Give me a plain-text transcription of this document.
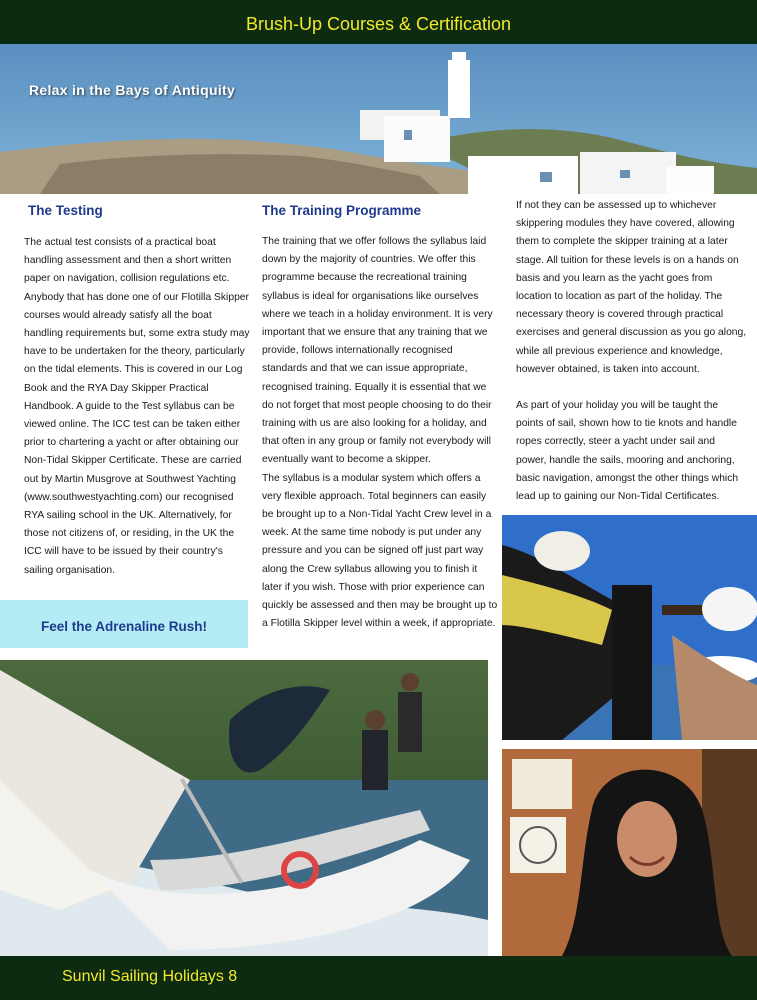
Brush-Up Courses & Certification
Relax in the Bays of Antiquity
The Testing

The actual test consists of a practical boat handling assessment and then a short written paper on navigation, collision regulations etc. Anybody that has done one of our Flotilla Skipper courses would already satisfy all the boat handling requirements but, some extra study may have to be undertaken for the theory, particularly on the tidal elements. This is covered in our Log Book and the RYA Day Skipper Practical Handbook. A guide to the Test syllabus can be viewed online. The ICC test can be taken either prior to chartering a yacht or after obtaining our Non-Tidal Skipper Certificate. These are carried out by Martin Musgrove at Southwest Yachting (www.southwestyachting.com) our recognised RYA sailing school in the UK. Alternatively, for those not citizens of, or residing, in the UK the ICC will have to be issued by their country's sailing organisation.

Feel the Adrenaline Rush!
The Training Programme

The training that we offer follows the syllabus laid down by the majority of countries. We offer this programme because the recreational training syllabus is ideal for organisations like ourselves where we teach in a holiday environment. It is very important that we ensure that any training that we provide, follows internationally recognised standards and that we can issue appropriate, recognised training. Equally it is essential that we do not forget that most people choosing to do their training with us are also looking for a holiday, and that often in any group or family not everybody will eventually want to become a skipper.

The syllabus is a modular system which offers a very flexible approach. Total beginners can easily be brought up to a Non-Tidal Yacht Crew level in a week. At the same time nobody is put under any pressure and you can be signed off just part way along the Crew syllabus allowing you to finish it later if you wish. Those with prior experience can quickly be assessed and then may be brought up to a Flotilla Skipper level within a week, if appropriate.

If not they can be assessed up to whichever skippering modules they have covered, allowing them to complete the skipper training at a later stage. All tuition for these levels is on a hands on basis and you learn as the yacht goes from location to location as part of the holiday. The necessary theory is covered through practical exercises and general discussion as you go along, while all previous experience and knowledge, however obtained, is taken into account.

As part of your holiday you will be taught the points of sail, shown how to tie knots and handle ropes correctly, steer a yacht under sail and power, handle the sails, mooring and anchoring, basic navigation, amongst the other things which lead up to gaining our Non-Tidal Certificates.

Sunvil Sailing Holidays 8
